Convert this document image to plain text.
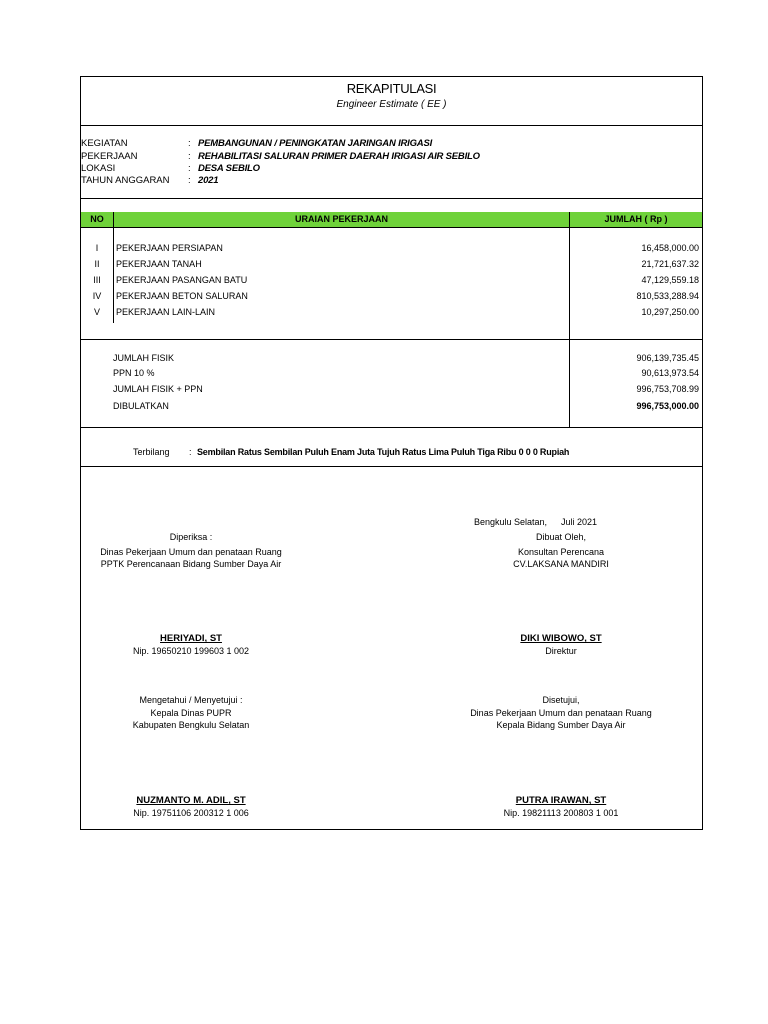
REKAPITULASI
Engineer Estimate ( EE )
KEGIATAN	: PEMBANGUNAN / PENINGKATAN JARINGAN IRIGASI
PEKERJAAN	: REHABILITASI SALURAN PRIMER DAERAH IRIGASI AIR SEBILO
LOKASI	: DESA SEBILO
TAHUN ANGGARAN : 2021
NO	URAIAN PEKERJAAN	JUMLAH ( Rp )
I	PEKERJAAN PERSIAPAN	16,458,000.00
II	PEKERJAAN TANAH	21,721,637.32
III	PEKERJAAN PASANGAN BATU	47,129,559.18
IV	PEKERJAAN BETON SALURAN	810,533,288.94
V	PEKERJAAN LAIN-LAIN	10,297,250.00
JUMLAH FISIK	906,139,735.45
PPN 10 %	90,613,973.54
JUMLAH FISIK + PPN	996,753,708.99
DIBULATKAN	996,753,000.00
Terbilang : Sembilan Ratus Sembilan Puluh Enam Juta Tujuh Ratus Lima Puluh Tiga Ribu 0 0 0 Rupiah
Bengkulu Selatan, Juli 2021
Diperiksa :
Dinas Pekerjaan Umum dan penataan Ruang
PPTK Perencanaan Bidang Sumber Daya Air
HERIYADI, ST
Nip. 19650210 199603 1 002
Dibuat Oleh,
Konsultan Perencana
CV.LAKSANA MANDIRI
DIKI WIBOWO, ST
Direktur
Mengetahui / Menyetujui :
Kepala Dinas PUPR
Kabupaten Bengkulu Selatan
NUZMANTO M. ADIL, ST
Nip. 19751106 200312 1 006
Disetujui,
Dinas Pekerjaan Umum dan penataan Ruang
Kepala Bidang Sumber Daya Air
PUTRA IRAWAN, ST
Nip. 19821113 200803 1 001
